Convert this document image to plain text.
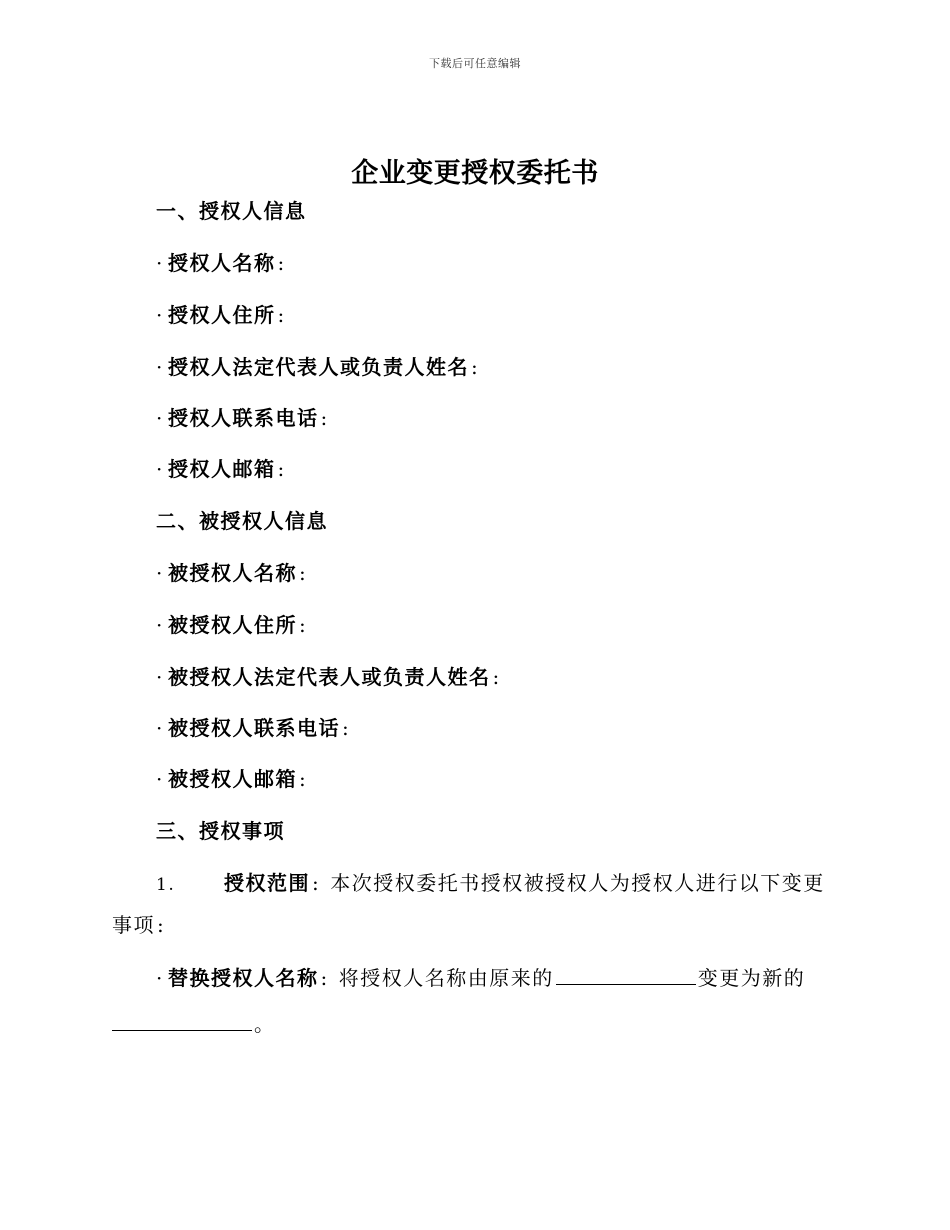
下载后可任意编辑
企业变更授权委托书
一、授权人信息
· 授权人名称 :
· 授权人住所 :
· 授权人法定代表人或负责人姓名 :
· 授权人联系电话 :
· 授权人邮箱 :
二、被授权人信息
· 被授权人名称 :
· 被授权人住所 :
· 被授权人法定代表人或负责人姓名 :
· 被授权人联系电话 :
· 被授权人邮箱 :
三、授权事项
1. 授权范围 : 本次授权委托书授权被授权人为授权人进行以下变更
事项 :
· 替换授权人名称 : 将授权人名称由原来的	变更为新的
。
